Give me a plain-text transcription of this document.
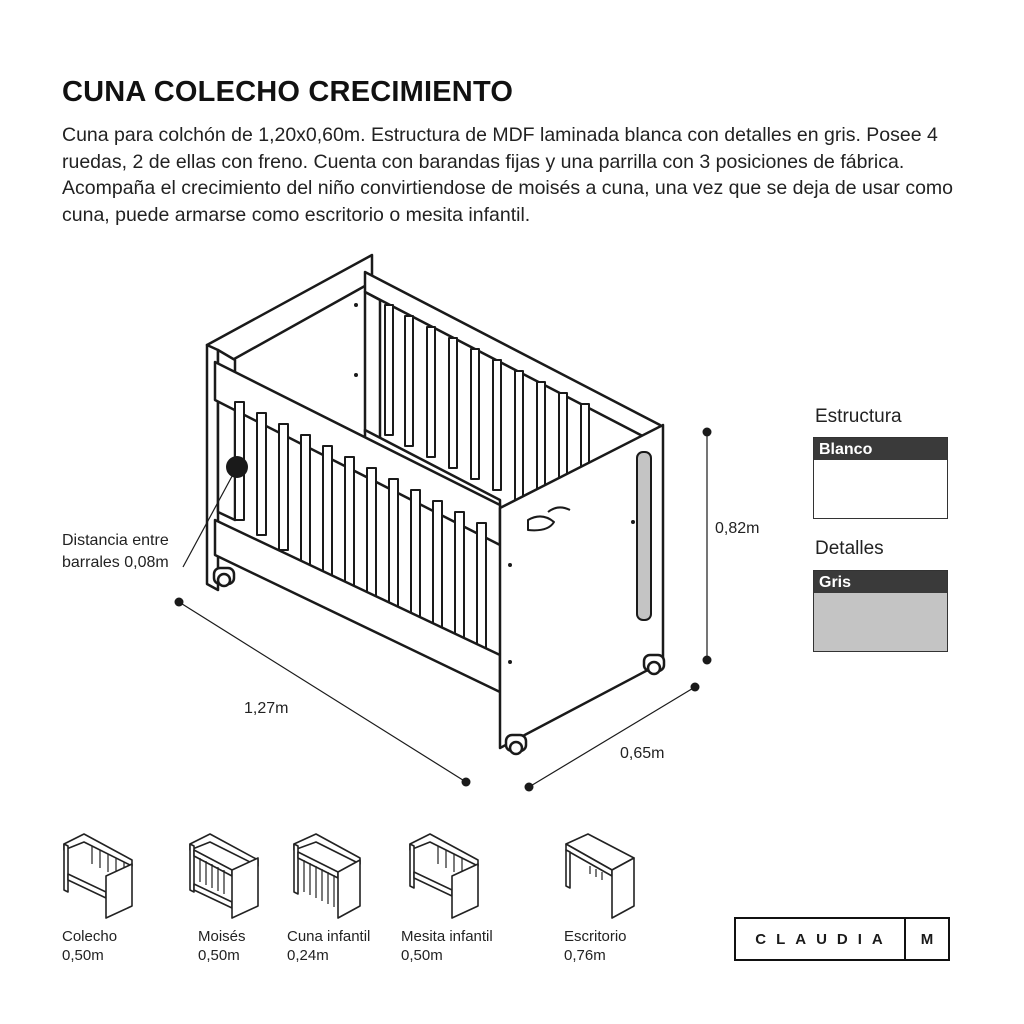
CUNA COLECHO CRECIMIENTO

Cuna para colchón de 1,20x0,60m. Estructura de MDF laminada blanca con detalles en gris. Posee 4 ruedas, 2 de ellas con freno. Cuenta con barandas fijas y una parrilla con 3 posiciones de fábrica. Acompaña el crecimiento del niño convirtiendose de moisés a cuna, una vez que se deja de usar como cuna, puede armarse como escritorio o mesita infantil.

1,27m
0,65m
0,82m
Distancia entre
barrales 0,08m
Estructura
Blanco
Detalles
Gris
Colecho
0,50m
Moisés
0,50m
Cuna infantil
0,24m
Mesita infantil
0,50m
Escritorio
0,76m
CLAUDIA	M
